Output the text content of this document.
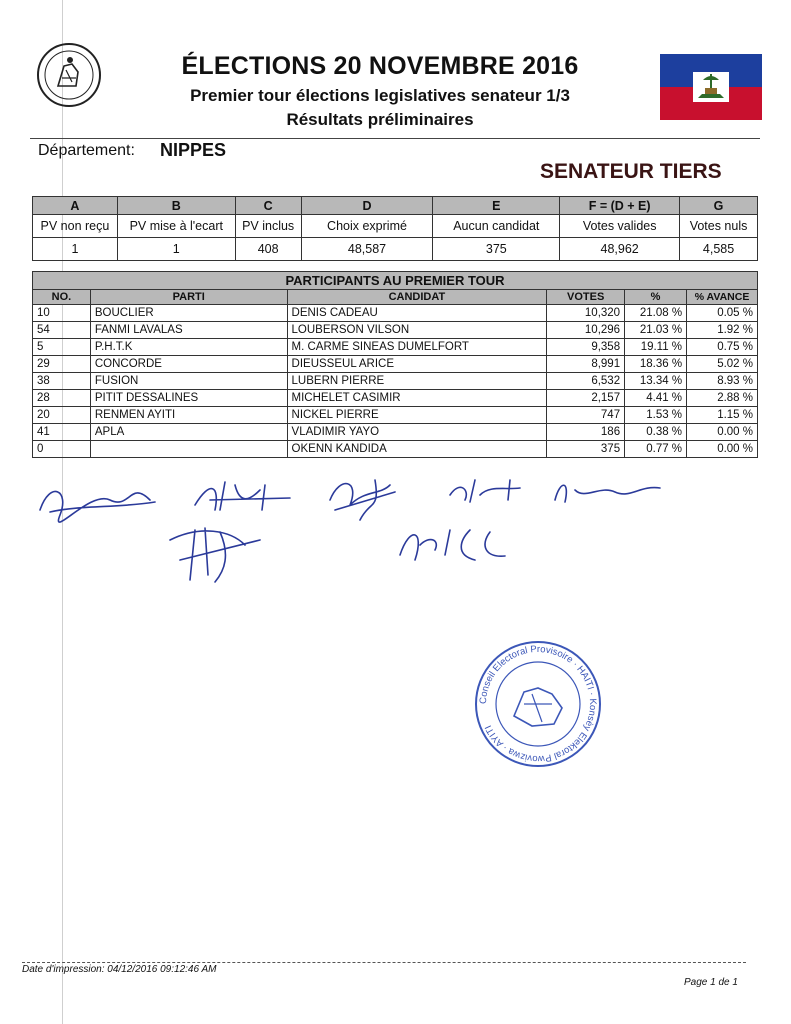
ÉLECTIONS 20 NOVEMBRE 2016
Premier tour élections legislatives senateur 1/3
Résultats préliminaires
Département: NIPPES
SENATEUR TIERS
A	B	C	D	E	F = (D + E)	G
PV non reçu	PV mise à l'ecart	PV inclus	Choix exprimé	Aucun candidat	Votes valides	Votes nuls
1	1	408	48,587	375	48,962	4,585
PARTICIPANTS AU PREMIER TOUR					
NO.	PARTI	CANDIDAT	VOTES	%	% AVANCE
10	BOUCLIER	DENIS CADEAU	10,320	21.08 %	0.05 %
54	FANMI LAVALAS	LOUBERSON VILSON	10,296	21.03 %	1.92 %
5	P.H.T.K	M. CARME SINEAS DUMELFORT	9,358	19.11 %	0.75 %
29	CONCORDE	DIEUSSEUL ARICE	8,991	18.36 %	5.02 %
38	FUSION	LUBERN PIERRE	6,532	13.34 %	8.93 %
28	PITIT DESSALINES	MICHELET CASIMIR	2,157	4.41 %	2.88 %
20	RENMEN AYITI	NICKEL PIERRE	747	1.53 %	1.15 %
41	APLA	VLADIMIR YAYO	186	0.38 %	0.00 %
0		OKENN KANDIDA	375	0.77 %	0.00 %
Conseil Electoral Provisoire · HAITI · Konsèy Elektoral Pwovizwa · AYITI
Date d'impression: 04/12/2016 09:12:46 AM
Page 1 de 1
